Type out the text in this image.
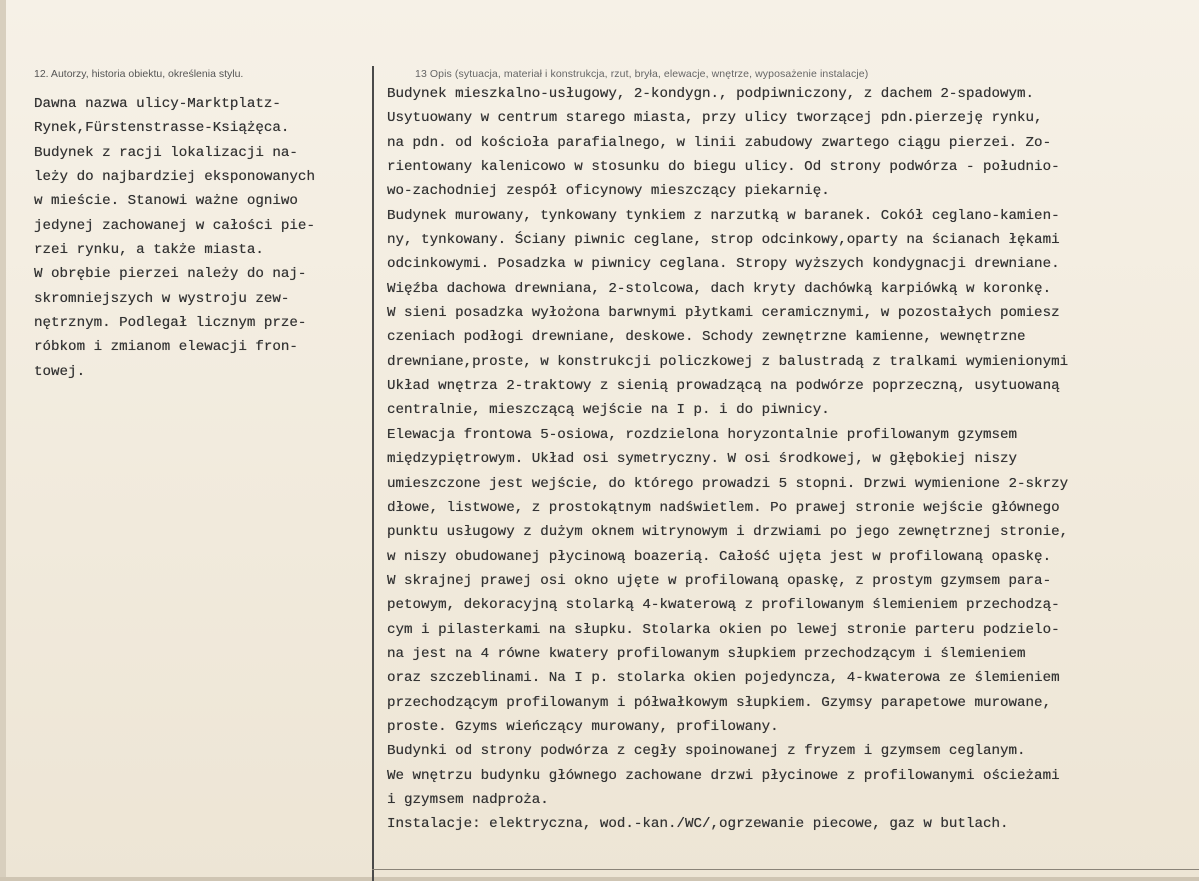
12. Autorzy, historia obiektu, określenia stylu.	13 Opis (sytuacja, materiał i konstrukcja, rzut, bryła, elewacje, wnętrze, wyposażenie instalacje)
Dawna nazwa ulicy-Marktplatz-
Rynek,Fürstenstrasse-Książęca.
Budynek z racji lokalizacji na-
leży do najbardziej eksponowanych
w mieście. Stanowi ważne ogniwo
jedynej zachowanej w całości pie-
rzei rynku, a także miasta.
W obrębie pierzei należy do naj-
skromniejszych w wystroju zew-
nętrznym. Podlegał licznym prze-
róbkom i zmianom elewacji fron-
towej.
Budynek mieszkalno-usługowy, 2-kondygn., podpiwniczony, z dachem 2-spadowym.
Usytuowany w centrum starego miasta, przy ulicy tworzącej pdn.pierzeję rynku,
na pdn. od kościoła parafialnego, w linii zabudowy zwartego ciągu pierzei. Zo-
rientowany kalenicowo w stosunku do biegu ulicy. Od strony podwórza - południo-
wo-zachodniej zespół oficynowy mieszczący piekarnię.
Budynek murowany, tynkowany tynkiem z narzutką w baranek. Cokół ceglano-kamien-
ny, tynkowany. Ściany piwnic ceglane, strop odcinkowy,oparty na ścianach łękami
odcinkowymi. Posadzka w piwnicy ceglana. Stropy wyższych kondygnacji drewniane.
Więźba dachowa drewniana, 2-stolcowa, dach kryty dachówką karpiówką w koronkę.
W sieni posadzka wyłożona barwnymi płytkami ceramicznymi, w pozostałych pomiesz
czeniach podłogi drewniane, deskowe. Schody zewnętrzne kamienne, wewnętrzne
drewniane,proste, w konstrukcji policzkowej z balustradą z tralkami wymienionymi
Układ wnętrza 2-traktowy z sienią prowadzącą na podwórze poprzeczną, usytuowaną
centralnie, mieszczącą wejście na I p. i do piwnicy.
Elewacja frontowa 5-osiowa, rozdzielona horyzontalnie profilowanym gzymsem
międzypiętrowym. Układ osi symetryczny. W osi środkowej, w głębokiej niszy
umieszczone jest wejście, do którego prowadzi 5 stopni. Drzwi wymienione 2-skrzy
dłowe, listwowe, z prostokątnym nadświetlem. Po prawej stronie wejście głównego
punktu usługowy z dużym oknem witrynowym i drzwiami po jego zewnętrznej stronie,
w niszy obudowanej płycinową boazerią. Całość ujęta jest w profilowaną opaskę.
W skrajnej prawej osi okno ujęte w profilowaną opaskę, z prostym gzymsem para-
petowym, dekoracyjną stolarką 4-kwaterową z profilowanym ślemieniem przechodzą-
cym i pilasterkami na słupku. Stolarka okien po lewej stronie parteru podzielo-
na jest na 4 równe kwatery profilowanym słupkiem przechodzącym i ślemieniem
oraz szczeblinami. Na I p. stolarka okien pojedyncza, 4-kwaterowa ze ślemieniem
przechodzącym profilowanym i półwałkowym słupkiem. Gzymsy parapetowe murowane,
proste. Gzyms wieńczący murowany, profilowany.
Budynki od strony podwórza z cegły spoinowanej z fryzem i gzymsem ceglanym.
We wnętrzu budynku głównego zachowane drzwi płycinowe z profilowanymi ościeżami
i gzymsem nadproża.
Instalacje: elektryczna, wod.-kan./WC/,ogrzewanie piecowe, gaz w butlach.
